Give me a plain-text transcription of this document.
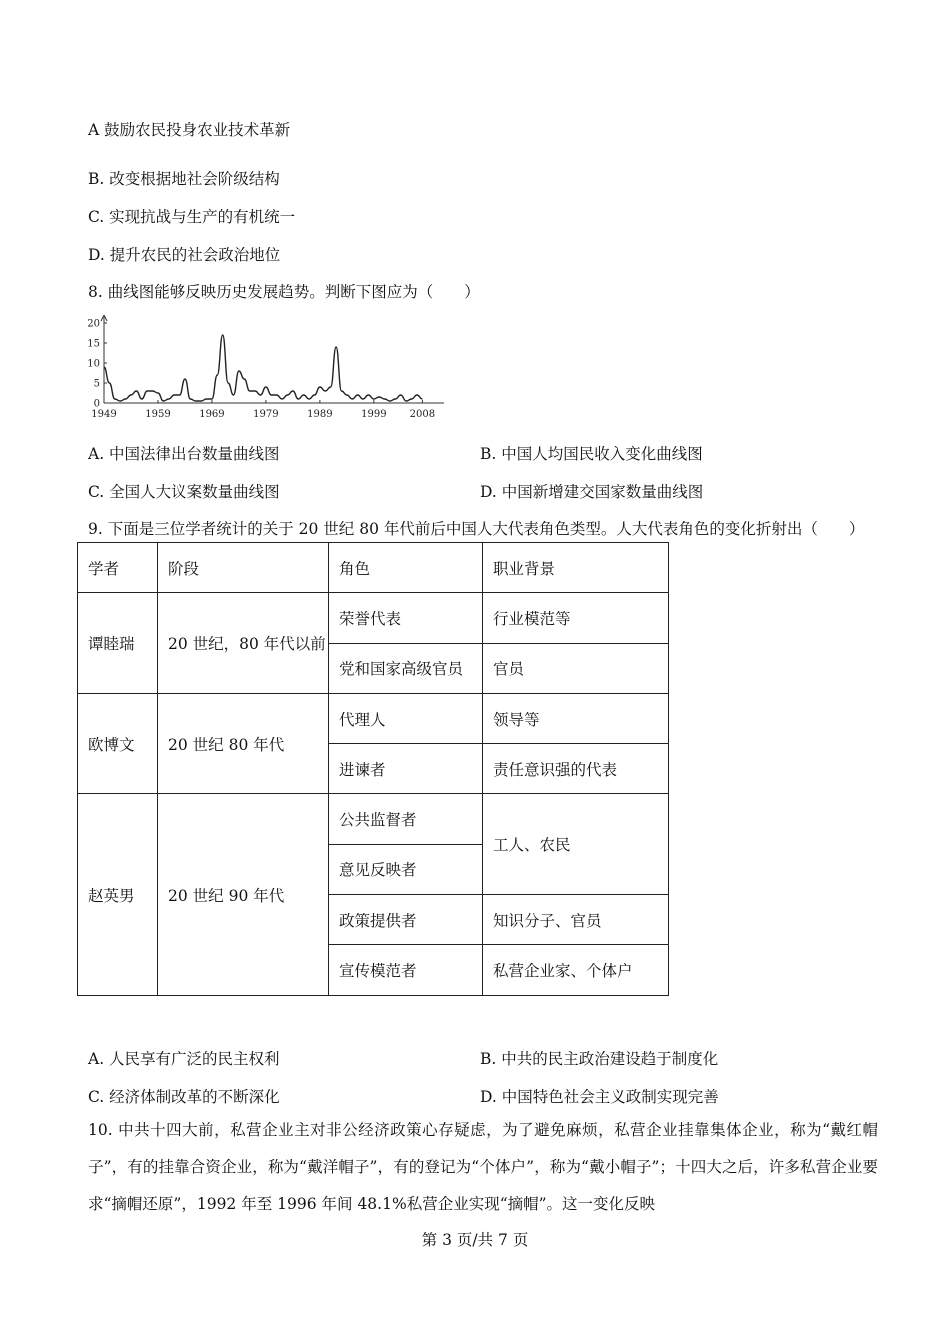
A 鼓励农民投身农业技术革新
B. 改变根据地社会阶级结构
C. 实现抗战与生产的有机统一
D. 提升农民的社会政治地位
8. 曲线图能够反映历史发展趋势。判断下图应为（　　）
20
15
10
5
0
1949	1959	1969	1979	1989	1999 2008
A. 中国法律出台数量曲线图	B. 中国人均国民收入变化曲线图
C. 全国人大议案数量曲线图	D. 中国新增建交国家数量曲线图
9. 下面是三位学者统计的关于 20 世纪 80 年代前后中国人大代表角色类型。人大代表角色的变化折射出（　　）
学者	阶段	角色	职业背景
谭睦瑞	20 世纪，80 年代以前	荣誉代表	行业模范等
		党和国家高级官员	官员
欧博文	20 世纪 80 年代	代理人	领导等
		进谏者	责任意识强的代表
赵英男	20 世纪 90 年代	公共监督者	工人、农民
		意见反映者	
		政策提供者	知识分子、官员
		宣传模范者	私营企业家、个体户
A. 人民享有广泛的民主权利	B. 中共的民主政治建设趋于制度化
C. 经济体制改革的不断深化	D. 中国特色社会主义政制实现完善
10. 中共十四大前，私营企业主对非公经济政策心存疑虑，为了避免麻烦，私营企业挂靠集体企业，称为“戴红帽子”，有的挂靠合资企业，称为“戴洋帽子”，有的登记为“个体户”，称为“戴小帽子”；十四大之后，许多私营企业要求“摘帽还原”，1992 年至 1996 年间 48.1%私营企业实现“摘帽”。这一变化反映
第 3 页/共 7 页
